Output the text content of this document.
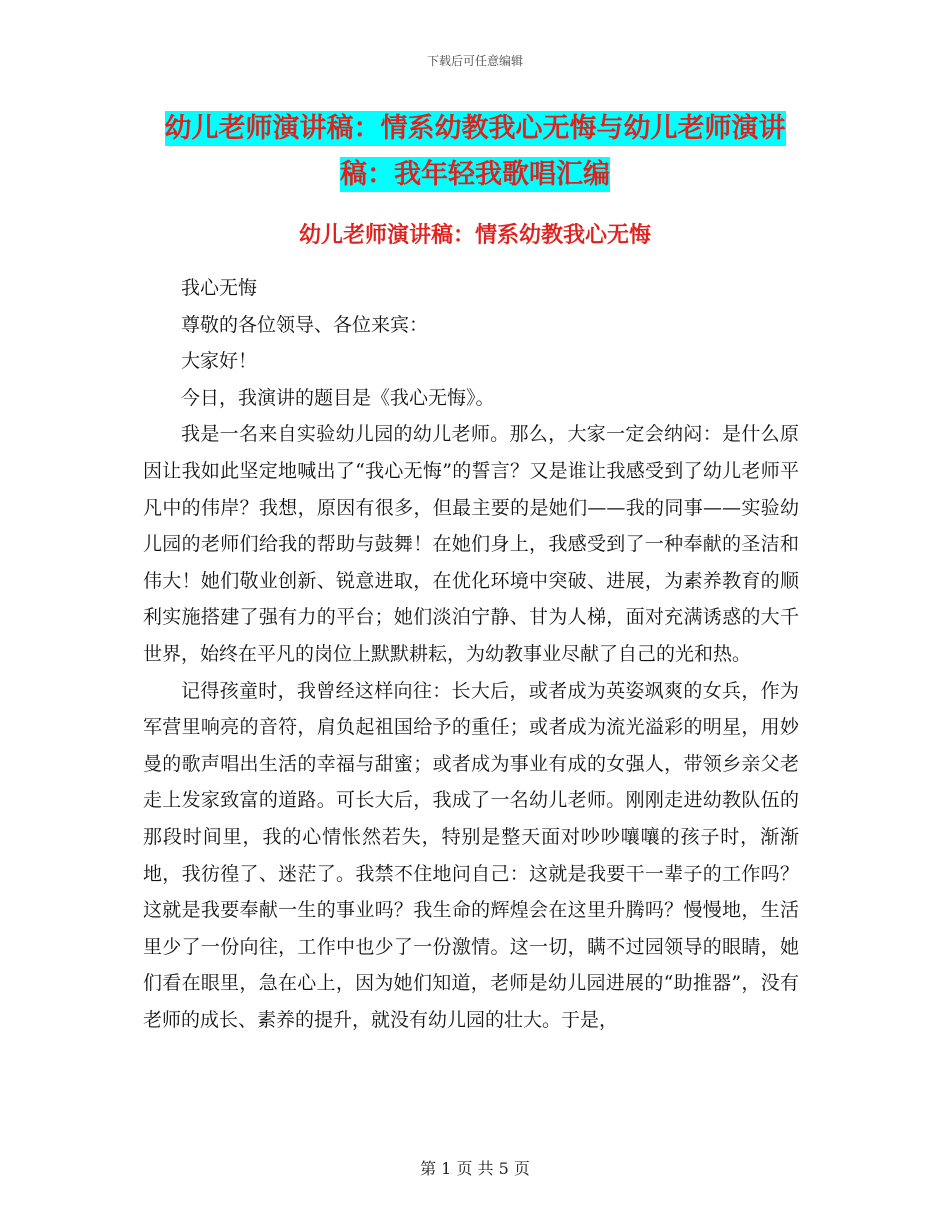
下载后可任意编辑
幼儿老师演讲稿：情系幼教我心无悔与幼儿老师演讲稿：我年轻我歌唱汇编
幼儿老师演讲稿：情系幼教我心无悔

我心无悔

尊敬的各位领导、各位来宾：

大家好！

今日，我演讲的题目是《我心无悔》。

我是一名来自实验幼儿园的幼儿老师。那么，大家一定会纳闷：是什么原因让我如此坚定地喊出了“我心无悔”的誓言？又是谁让我感受到了幼儿老师平凡中的伟岸？我想，原因有很多，但最主要的是她们——我的同事——实验幼儿园的老师们给我的帮助与鼓舞！在她们身上，我感受到了一种奉献的圣洁和伟大！她们敬业创新、锐意进取，在优化环境中突破、进展，为素养教育的顺利实施搭建了强有力的平台；她们淡泊宁静、甘为人梯，面对充满诱惑的大千世界，始终在平凡的岗位上默默耕耘，为幼教事业尽献了自己的光和热。

记得孩童时，我曾经这样向往：长大后，或者成为英姿飒爽的女兵，作为军营里响亮的音符，肩负起祖国给予的重任；或者成为流光溢彩的明星，用妙曼的歌声唱出生活的幸福与甜蜜；或者成为事业有成的女强人，带领乡亲父老走上发家致富的道路。可长大后，我成了一名幼儿老师。刚刚走进幼教队伍的那段时间里，我的心情怅然若失，特别是整天面对吵吵嚷嚷的孩子时，渐渐地，我彷徨了、迷茫了。我禁不住地问自己：这就是我要干一辈子的工作吗？这就是我要奉献一生的事业吗？我生命的辉煌会在这里升腾吗？慢慢地，生活里少了一份向往，工作中也少了一份激情。这一切，瞒不过园领导的眼睛，她们看在眼里，急在心上，因为她们知道，老师是幼儿园进展的“助推器”，没有老师的成长、素养的提升，就没有幼儿园的壮大。于是，

第 1 页 共 5 页
